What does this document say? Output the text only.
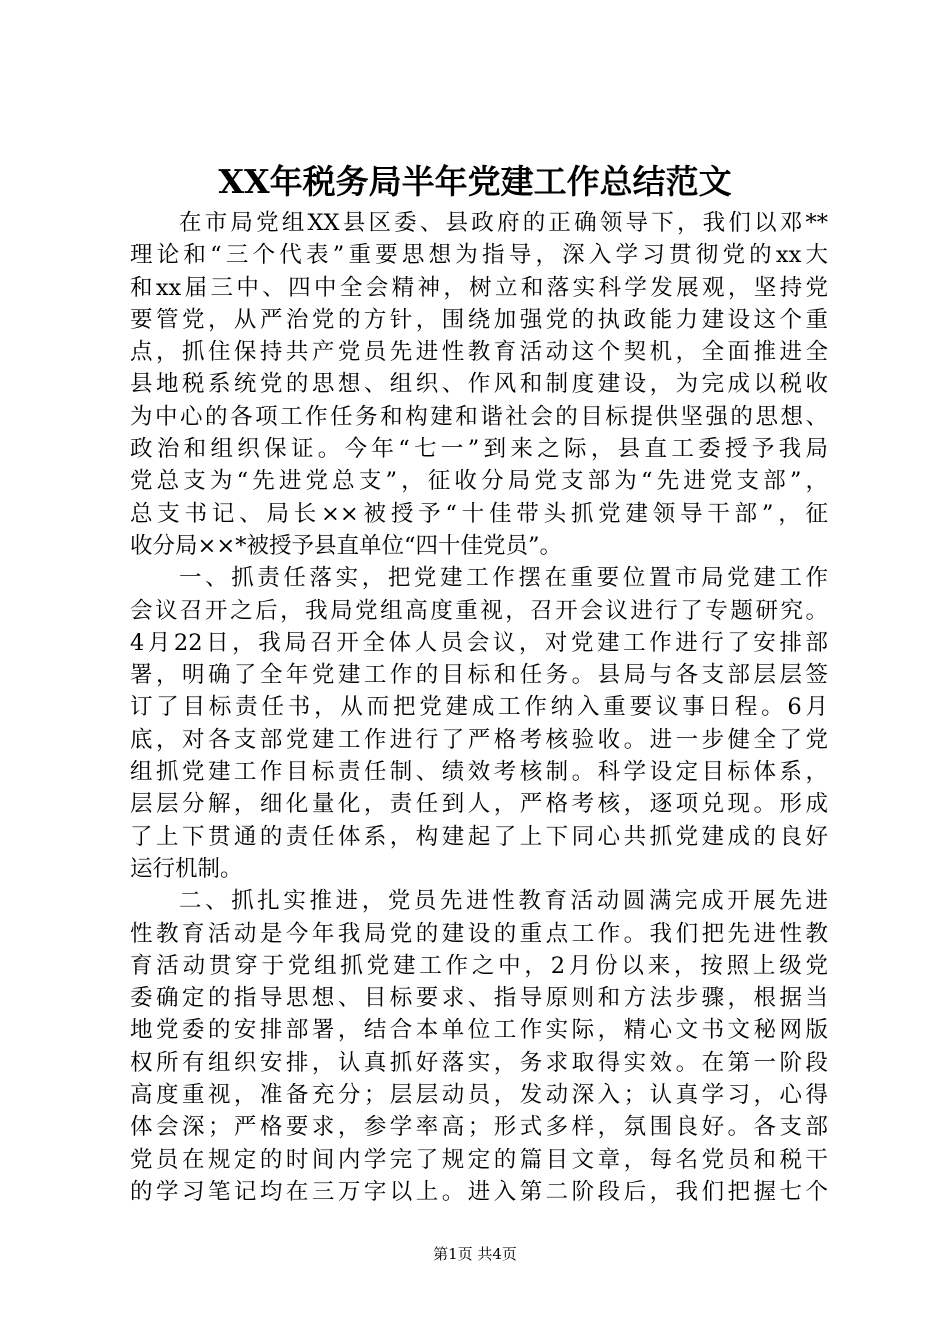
XX年税务局半年党建工作总结范文
在市局党组XX县区委、县政府的正确领导下，我们以邓**
理论和“三个代表”重要思想为指导，深入学习贯彻党的xx大
和xx届三中、四中全会精神，树立和落实科学发展观，坚持党
要管党，从严治党的方针，围绕加强党的执政能力建设这个重
点，抓住保持共产党员先进性教育活动这个契机，全面推进全
县地税系统党的思想、组织、作风和制度建设，为完成以税收
为中心的各项工作任务和构建和谐社会的目标提供坚强的思想、
政治和组织保证。今年“七一”到来之际，县直工委授予我局
党总支为“先进党总支”，征收分局党支部为“先进党支部”，
总支书记、局长××被授予“十佳带头抓党建领导干部”，征
收分局××*被授予县直单位“四十佳党员”。
一、抓责任落实，把党建工作摆在重要位置市局党建工作
会议召开之后，我局党组高度重视，召开会议进行了专题研究。
4月22日，我局召开全体人员会议，对党建工作进行了安排部
署，明确了全年党建工作的目标和任务。县局与各支部层层签
订了目标责任书，从而把党建成工作纳入重要议事日程。6月
底，对各支部党建工作进行了严格考核验收。进一步健全了党
组抓党建工作目标责任制、绩效考核制。科学设定目标体系，
层层分解，细化量化，责任到人，严格考核，逐项兑现。形成
了上下贯通的责任体系，构建起了上下同心共抓党建成的良好
运行机制。
二、抓扎实推进，党员先进性教育活动圆满完成开展先进
性教育活动是今年我局党的建设的重点工作。我们把先进性教
育活动贯穿于党组抓党建工作之中，2月份以来，按照上级党
委确定的指导思想、目标要求、指导原则和方法步骤，根据当
地党委的安排部署，结合本单位工作实际，精心文书文秘网版
权所有组织安排，认真抓好落实，务求取得实效。在第一阶段
高度重视，准备充分；层层动员，发动深入；认真学习，心得
体会深；严格要求，参学率高；形式多样，氛围良好。各支部
党员在规定的时间内学完了规定的篇目文章，每名党员和税干
的学习笔记均在三万字以上。进入第二阶段后，我们把握七个
第1页 共4页
